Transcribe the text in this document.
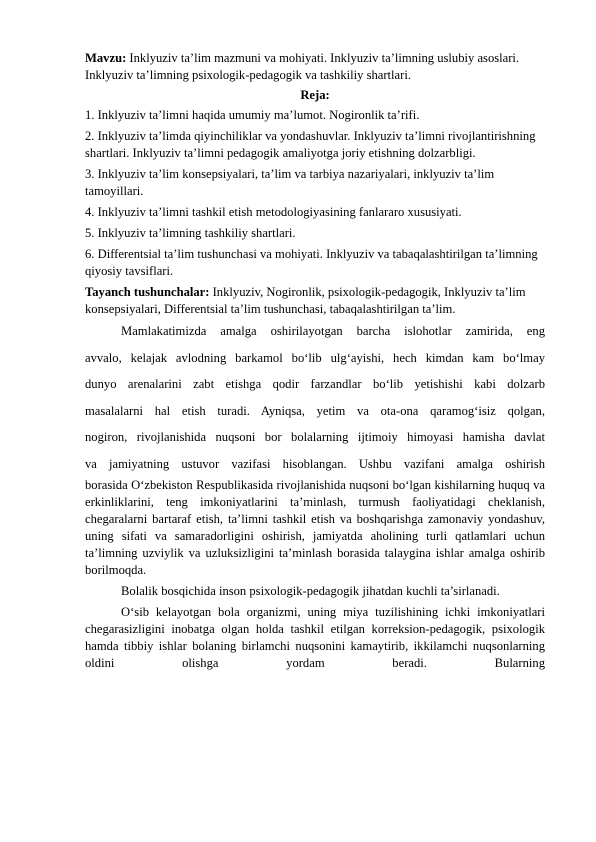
Mavzu: Inklyuziv ta’lim mazmuni va mohiyati. Inklyuziv ta’limning uslubiy asoslari. Inklyuziv ta’limning psixologik-pedagogik va tashkiliy shartlari.

Reja:

1. Inklyuziv ta’limni haqida umumiy ma’lumot. Nogironlik ta’rifi.

2. Inklyuziv ta’limda qiyinchiliklar va yondashuvlar. Inklyuziv ta’limni rivojlantirishning shartlari. Inklyuziv ta’limni pedagogik amaliyotga joriy etishning dolzarbligi.

3. Inklyuziv ta’lim konsepsiyalari, ta’lim va tarbiya nazariyalari, inklyuziv ta’lim tamoyillari.

4. Inklyuziv ta’limni tashkil etish metodologiyasining fanlararo xususiyati.

5. Inklyuziv ta’limning tashkiliy shartlari.

6. Differentsial ta’lim tushunchasi va mohiyati. Inklyuziv va tabaqalashtirilgan ta’limning qiyosiy tavsiflari.

Tayanch tushunchalar: Inklyuziv, Nogironlik, psixologik-pedagogik, Inklyuziv ta’lim konsepsiyalari, Differentsial ta’lim tushunchasi, tabaqalashtirilgan ta’lim.

Mamlakatimizda amalga oshirilayotgan barcha islohotlar zamirida, eng
avvalo, kelajak avlodning barkamol bo‘lib ulg‘ayishi, hech kimdan kam bo‘lmay
dunyo arenalarini zabt etishga qodir farzandlar bo‘lib yetishishi kabi dolzarb
masalalarni hal etish turadi. Ayniqsa, yetim va ota-ona qaramog‘isiz qolgan,
nogiron, rivojlanishida nuqsoni bor bolalarning ijtimoiy himoyasi hamisha davlat
va jamiyatning ustuvor vazifasi hisoblangan. Ushbu vazifani amalga oshirish

borasida O‘zbekiston Respublikasida rivojlanishida nuqsoni bo‘lgan kishilarning huquq va erkinliklarini, teng imkoniyatlarini ta’minlash, turmush faoliyatidagi cheklanish, chegaralarni bartaraf etish, ta’limni tashkil etish va boshqarishga zamonaviy yondashuv, uning sifati va samaradorligini oshirish, jamiyatda aholining turli qatlamlari uchun ta’limning uzviylik va uzluksizligini ta’minlash borasida talaygina ishlar amalga oshirib borilmoqda.

Bolalik bosqichida inson psixologik-pedagogik jihatdan kuchli ta’sirlanadi.

O‘sib kelayotgan bola organizmi, uning miya tuzilishining ichki imkoniyatlari chegarasizligini inobatga olgan holda tashkil etilgan korreksion-pedagogik, psixologik hamda tibbiy ishlar bolaning birlamchi nuqsonini kamaytirib, ikkilamchi nuqsonlarning oldini olishga yordam beradi. Bularning
